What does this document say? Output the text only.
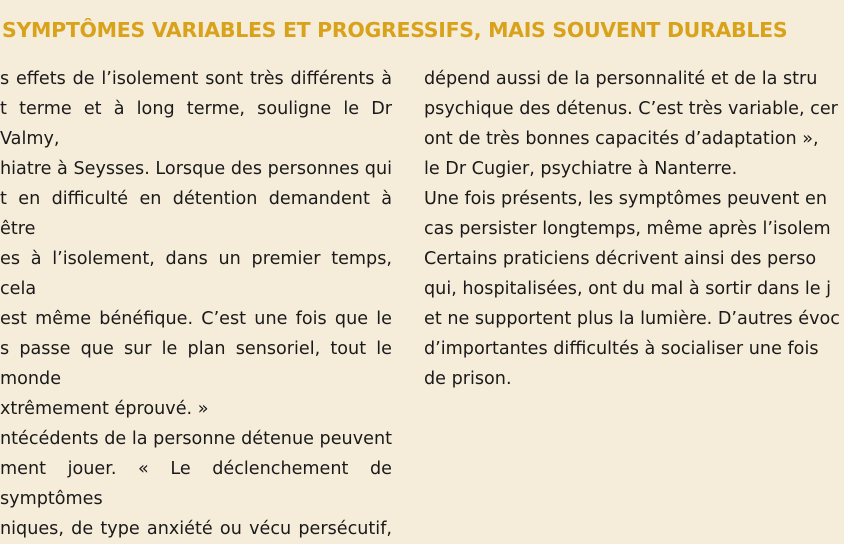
SYMPTÔMES VARIABLES ET PROGRESSIFS, MAIS SOUVENT DURABLES
s effets de l’isolement sont très différents à
t terme et à long terme, souligne le Dr Valmy,
hiatre à Seysses. Lorsque des personnes qui
t en difficulté en détention demandent à être
es à l’isolement, dans un premier temps, cela
est même bénéfique. C’est une fois que le
s passe que sur le plan sensoriel, tout le monde
xtrêmement éprouvé. »
ntécédents de la personne détenue peuvent
ment jouer. « Le déclenchement de symptômes
niques, de type anxiété ou vécu persécutif,
dépend aussi de la personnalité et de la stru
psychique des détenus. C’est très variable, cer
ont de très bonnes capacités d’adaptation »,
le Dr Cugier, psychiatre à Nanterre.
Une fois présents, les symptômes peuvent en
cas persister longtemps, même après l’isolem
Certains praticiens décrivent ainsi des perso
qui, hospitalisées, ont du mal à sortir dans le j
et ne supportent plus la lumière. D’autres évoc
d’importantes difficultés à socialiser une fois
de prison.
